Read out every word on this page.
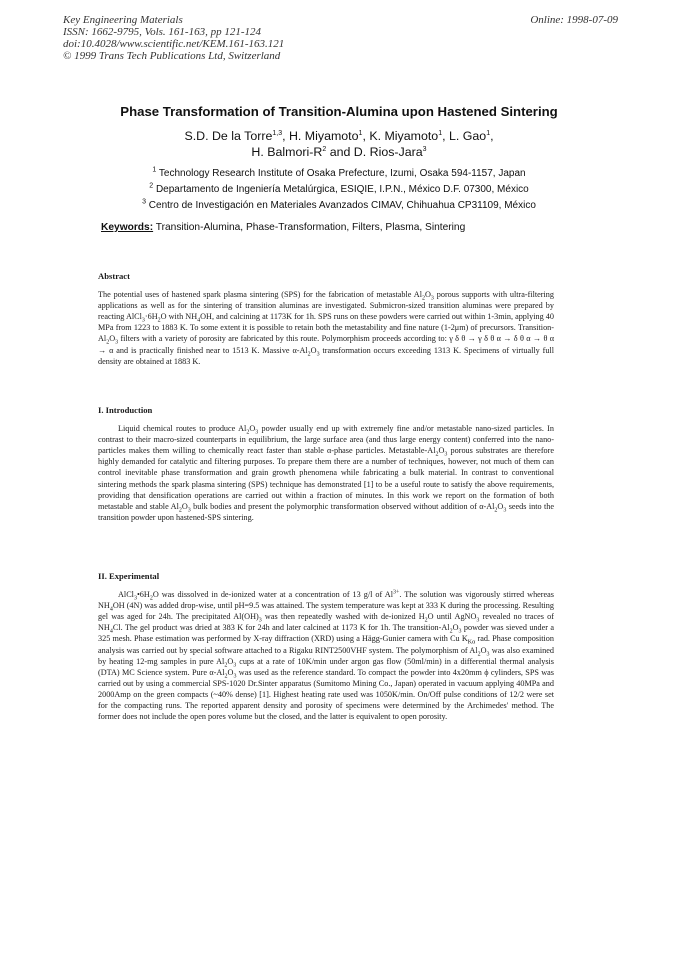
Key Engineering Materials
ISSN: 1662-9795, Vols. 161-163, pp 121-124
doi:10.4028/www.scientific.net/KEM.161-163.121
© 1999 Trans Tech Publications Ltd, Switzerland
Online: 1998-07-09
Phase Transformation of Transition-Alumina upon Hastened Sintering
S.D. De la Torre$^{1,3}$, H. Miyamoto$^1$, K. Miyamoto$^1$, L. Gao$^1$,
H. Balmori-$R^2$ and D. Rios-Jara$^3$
$^1$ Technology Research Institute of Osaka Prefecture, Izumi, Osaka 594-1157, Japan
$^2$ Departamento de Ingeniería Metalúrgica, ESIQIE, I.P.N., México D.F. 07300, México
$^3$ Centro de Investigación en Materiales Avanzados CIMAV, Chihuahua CP31109, México
Keywords: Transition-Alumina, Phase-Transformation, Filters, Plasma, Sintering
Abstract

The potential uses of hastened spark plasma sintering (SPS) for the fabrication of metastable $Al_2O_3$ porous supports with ultra-filtering applications as well as for the sintering of transition aluminas are investigated. Submicron-sized transition aluminas were prepared by reacting $AlCl_3\cdot 6H_2O$ with $NH_4OH$, and calcining at 1173K for 1h. SPS runs on these powders were carried out within 1-3min, applying 40 MPa from 1223 to 1883 K. To some extent it is possible to retain both the metastability and fine nature (1-2μm) of precursors. Transition-$Al_2O_3$ filters with a variety of porosity are fabricated by this route. Polymorphism proceeds according to: γ δ θ → γ δ θ α → δ θ α → θ α → α and is practically finished near to 1513 K. Massive $\alpha-Al_2O_3$ transformation occurs exceeding 1313 K. Specimens of virtually full density are obtained at 1883 K.

I. Introduction

Liquid chemical routes to produce $Al_2O_3$ powder usually end up with extremely fine and/or metastable nano-sized particles. In contrast to their macro-sized counterparts in equilibrium, the large surface area (and thus large energy content) conferred into the nano-particles makes them willing to chemically react faster than stable α-phase particles. Metastable-$Al_2O_3$ porous substrates are therefore highly demanded for catalytic and filtering purposes. To prepare them there are a number of techniques, however, not much of them can control inevitable phase transformation and grain growth phenomena while fabricating a bulk material. In contrast to conventional sintering methods the spark plasma sintering (SPS) technique has demonstrated [1] to be a useful route to satisfy the above requirements, providing that densification operations are carried out within a fraction of minutes. In this work we report on the formation of both metastable and stable $Al_2O_3$ bulk bodies and present the polymorphic transformation observed without addition of $\alpha-Al_2O_3$ seeds into the transition powder upon hastened-SPS sintering.

II. Experimental

$AlCl_3•6H_2O$ was dissolved in de-ionized water at a concentration of 13 g/l of $Al^{3+}$. The solution was vigorously stirred whereas $NH_4OH$ (4N) was added drop-wise, until pH=9.5 was attained. The system temperature was kept at 333 K during the processing. Resulting gel was aged for 24h. The precipitated $Al(OH)_3$ was then repeatedly washed with de-ionized $H_2O$ until AgNO$_3$ revealed no traces of $NH_4Cl$. The gel product was dried at 383 K for 24h and later calcined at 1173 K for 1h. The transition-$Al_2O_3$ powder was sieved under a 325 mesh. Phase estimation was performed by X-ray diffraction (XRD) using a Hägg-Gunier camera with Cu $K_{K\alpha}$ rad. Phase composition analysis was carried out by special software attached to a Rigaku RINT2500VHF system. The polymorphism of $Al_2O_3$ was also examined by heating 12-mg samples in pure $Al_2O_3$ cups at a rate of 10K/min under argon gas flow (50ml/min) in a differential thermal analysis (DTA) MC Science system. Pure $\alpha-Al_2O_3$ was used as the reference standard. To compact the powder into 4x20mm ϕ cylinders, SPS was carried out by using a commercial SPS-1020 Dr.Sinter apparatus (Sumitomo Mining Co., Japan) operated in vacuum applying 40MPa and 2000Amp on the green compacts (~40% dense) [1]. Highest heating rate used was 1050K/min. On/Off pulse conditions of 12/2 were set for the compacting runs. The reported apparent density and porosity of specimens were determined by the Archimedes' method. The former does not include the open pores volume but the closed, and the latter is equivalent to open porosity.
